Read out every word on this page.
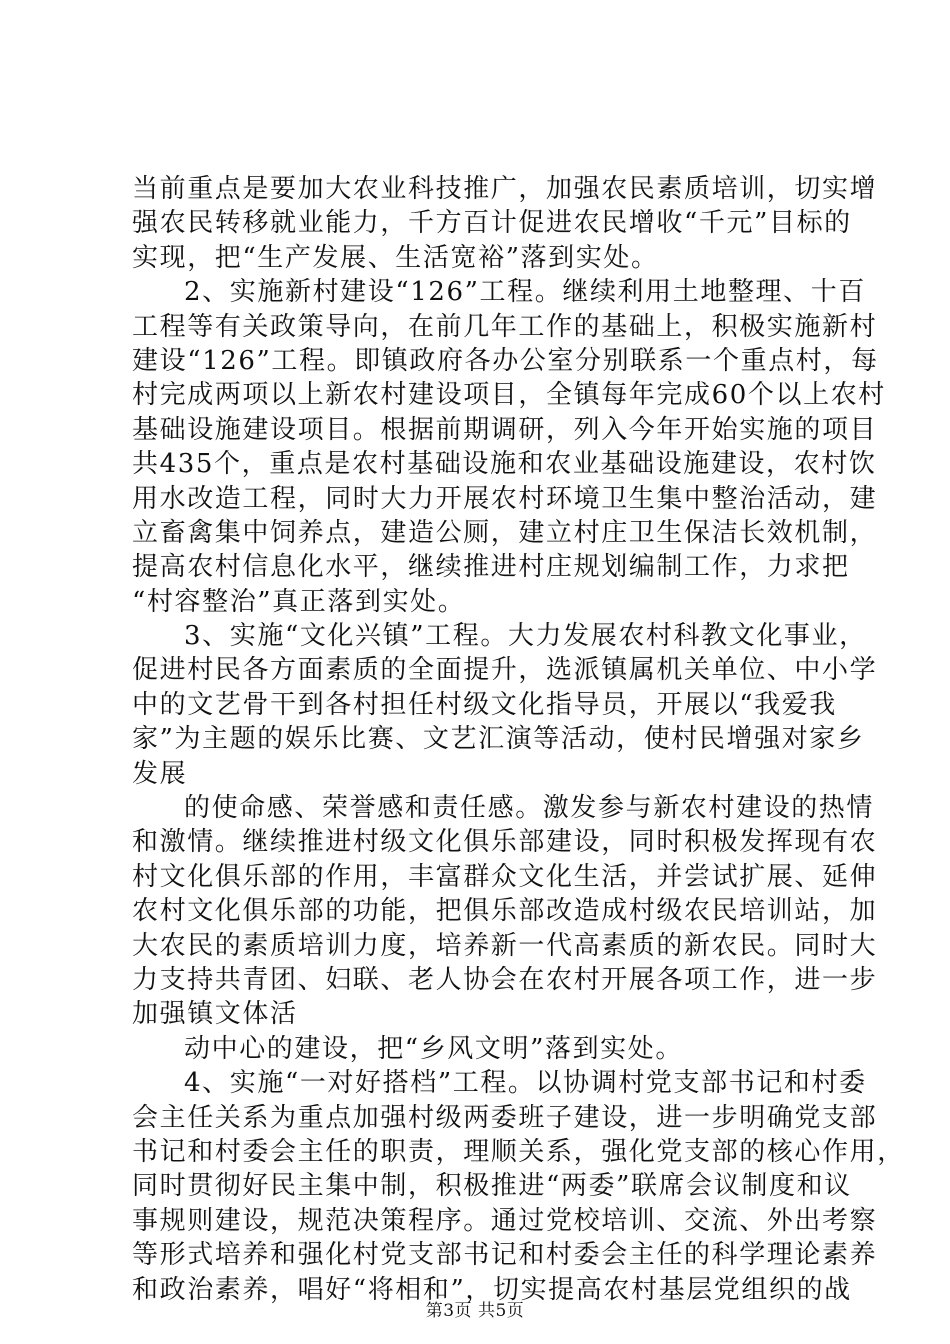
当前重点是要加大农业科技推广，加强农民素质培训，切实增
强农民转移就业能力，千方百计促进农民增收“千元”目标的
实现，把“生产发展、生活宽裕”落到实处。
2、实施新村建设“126”工程。继续利用土地整理、十百
工程等有关政策导向，在前几年工作的基础上，积极实施新村
建设“126”工程。即镇政府各办公室分别联系一个重点村，每
村完成两项以上新农村建设项目，全镇每年完成60个以上农村
基础设施建设项目。根据前期调研，列入今年开始实施的项目
共435个，重点是农村基础设施和农业基础设施建设，农村饮
用水改造工程，同时大力开展农村环境卫生集中整治活动，建
立畜禽集中饲养点，建造公厕，建立村庄卫生保洁长效机制，
提高农村信息化水平，继续推进村庄规划编制工作，力求把
“村容整治”真正落到实处。
3、实施“文化兴镇”工程。大力发展农村科教文化事业，
促进村民各方面素质的全面提升，选派镇属机关单位、中小学
中的文艺骨干到各村担任村级文化指导员，开展以“我爱我
家”为主题的娱乐比赛、文艺汇演等活动，使村民增强对家乡
发展
的使命感、荣誉感和责任感。激发参与新农村建设的热情
和激情。继续推进村级文化俱乐部建设，同时积极发挥现有农
村文化俱乐部的作用，丰富群众文化生活，并尝试扩展、延伸
农村文化俱乐部的功能，把俱乐部改造成村级农民培训站，加
大农民的素质培训力度，培养新一代高素质的新农民。同时大
力支持共青团、妇联、老人协会在农村开展各项工作，进一步
加强镇文体活
动中心的建设，把“乡风文明”落到实处。
4、实施“一对好搭档”工程。以协调村党支部书记和村委
会主任关系为重点加强村级两委班子建设，进一步明确党支部
书记和村委会主任的职责，理顺关系，强化党支部的核心作用，
同时贯彻好民主集中制，积极推进“两委”联席会议制度和议
事规则建设，规范决策程序。通过党校培训、交流、外出考察
等形式培养和强化村党支部书记和村委会主任的科学理论素养
和政治素养，唱好“将相和”，切实提高农村基层党组织的战
第3页 共5页
